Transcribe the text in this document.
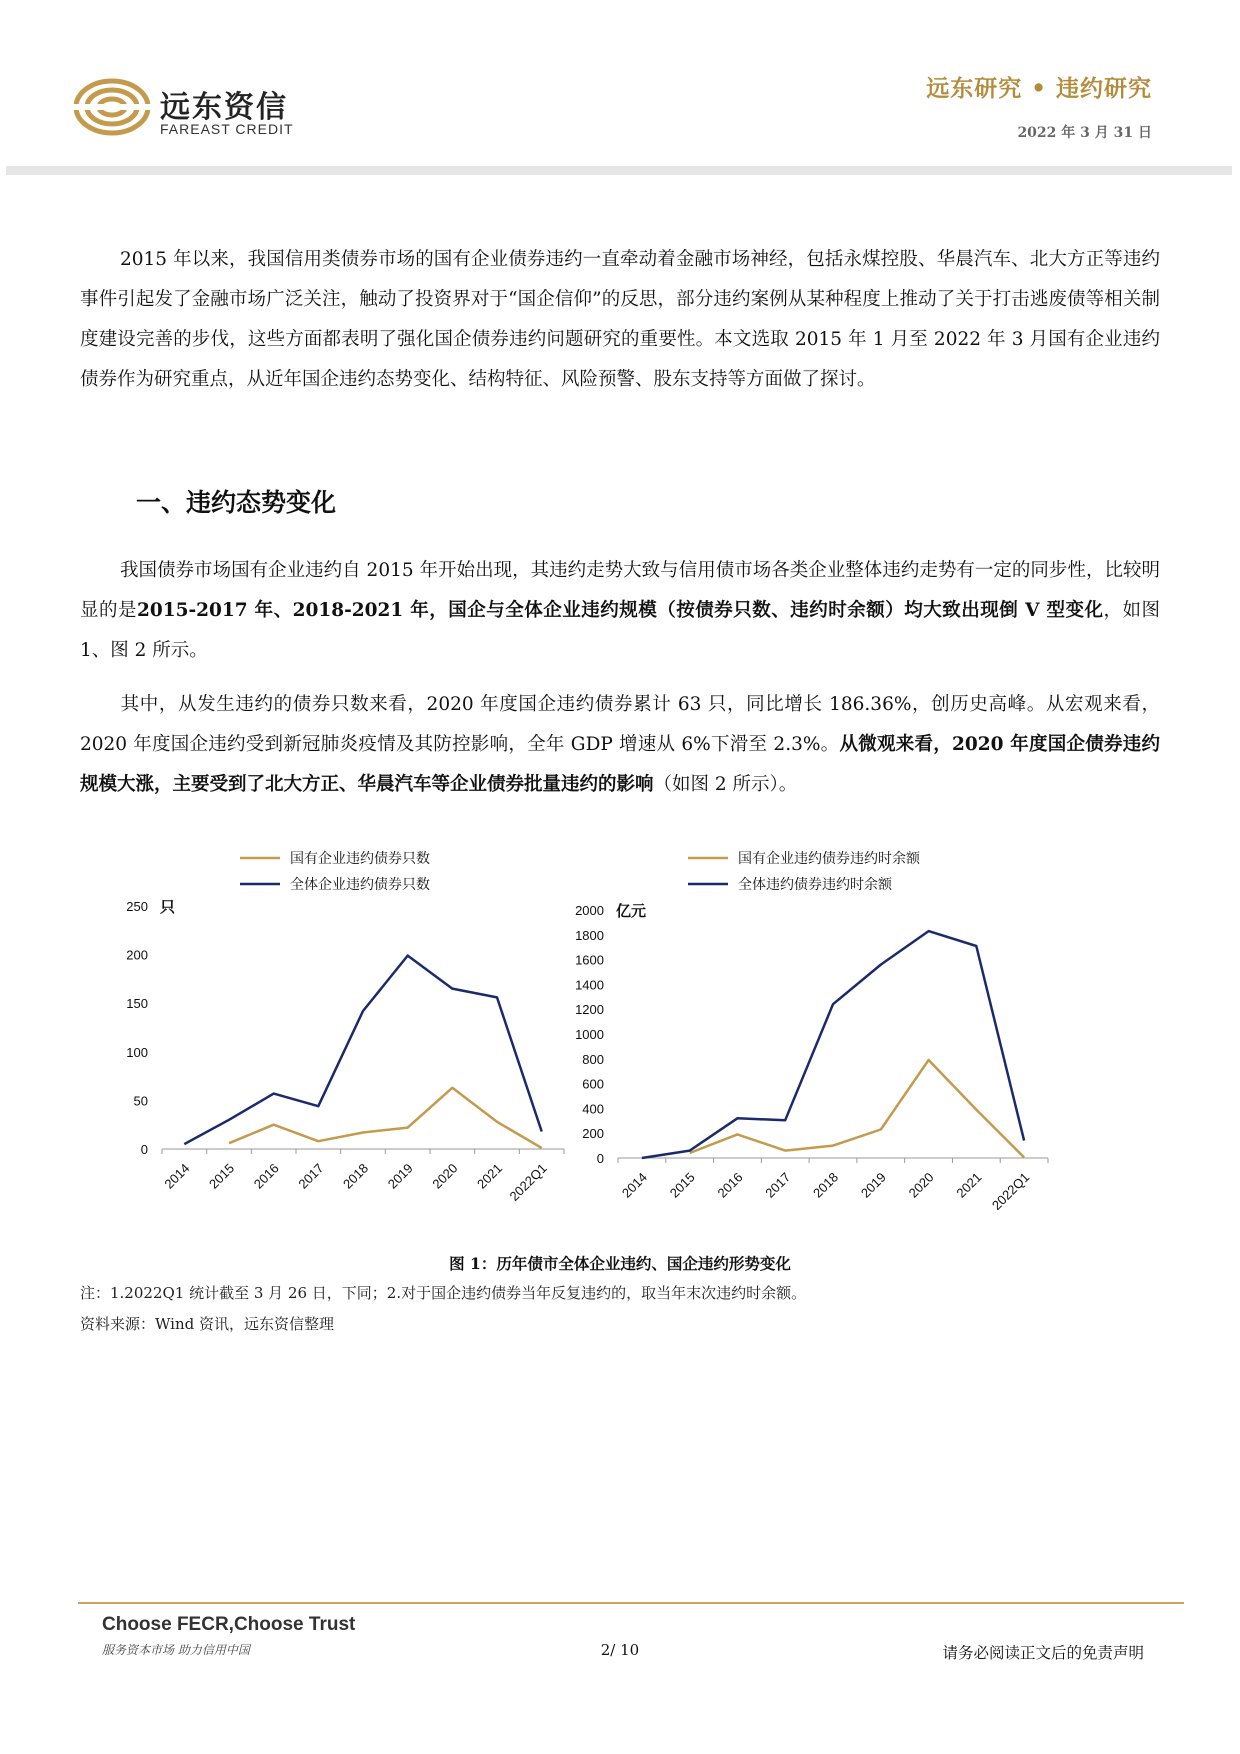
远东资信
FAREAST CREDIT
远东研究 • 违约研究
2022 年 3 月 31 日
2015 年以来，我国信用类债券市场的国有企业债券违约一直牵动着金融市场神经，包括永煤控股、华晨汽车、北大方正等违约事件引起发了金融市场广泛关注，触动了投资界对于“国企信仰”的反思，部分违约案例从某种程度上推动了关于打击逃废债等相关制度建设完善的步伐，这些方面都表明了强化国企债券违约问题研究的重要性。本文选取 2015 年 1 月至 2022 年 3 月国有企业违约债券作为研究重点，从近年国企违约态势变化、结构特征、风险预警、股东支持等方面做了探讨。
一、违约态势变化
我国债券市场国有企业违约自 2015 年开始出现，其违约走势大致与信用债市场各类企业整体违约走势有一定的同步性，比较明显的是2015-2017 年、2018-2021 年，国企与全体企业违约规模（按债券只数、违约时余额）均大致出现倒 V 型变化，如图 1、图 2 所示。
其中，从发生违约的债券只数来看，2020 年度国企违约债券累计 63 只，同比增长 186.36%，创历史高峰。从宏观来看，2020 年度国企违约受到新冠肺炎疫情及其防控影响，全年 GDP 增速从 6%下滑至 2.3%。从微观来看，2020 年度国企债券违约规模大涨，主要受到了北大方正、华晨汽车等企业债券批量违约的影响（如图 2 所示）。
国有企业违约债券只数
全体企业违约债券只数
只
0
50
100
150
200
250
2014 2015 2016 2017 2018 2019 2020 2021 2022Q1
国有企业违约债券违约时余额
全体违约债券违约时余额
亿元
0
200
400
600
800
1000
1200
1400
1600
1800
2000
2014 2015 2016 2017 2018 2019 2020 2021 2022Q1
图 1：历年债市全体企业违约、国企违约形势变化
注：1.2022Q1 统计截至 3 月 26 日，下同；2.对于国企违约债券当年反复违约的，取当年末次违约时余额。
资料来源：Wind 资讯，远东资信整理
Choose FECR,Choose Trust
服务资本市场 助力信用中国	2/ 10	请务必阅读正文后的免责声明
